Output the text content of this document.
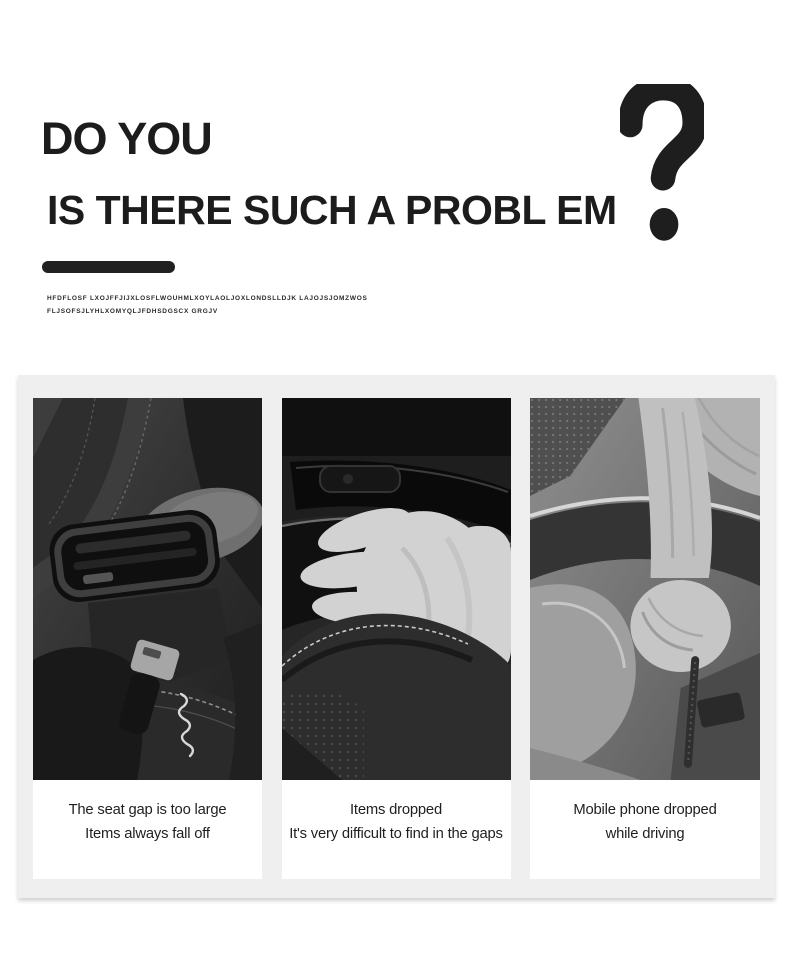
DO YOU
IS THERE SUCH A PROBL EM
HFDFLOSF LXOJFFJIJXLOSFLWOUHMLXOYLAOLJOXLONDSLLDJK LAJOJSJOMZWOS
FLJSOFSJLYHLXOMYQLJFDHSDGSCX GRGJV
The seat gap is too large
Items always fall off
Items dropped
It's very difficult to find in the gaps
Mobile phone dropped
while driving
